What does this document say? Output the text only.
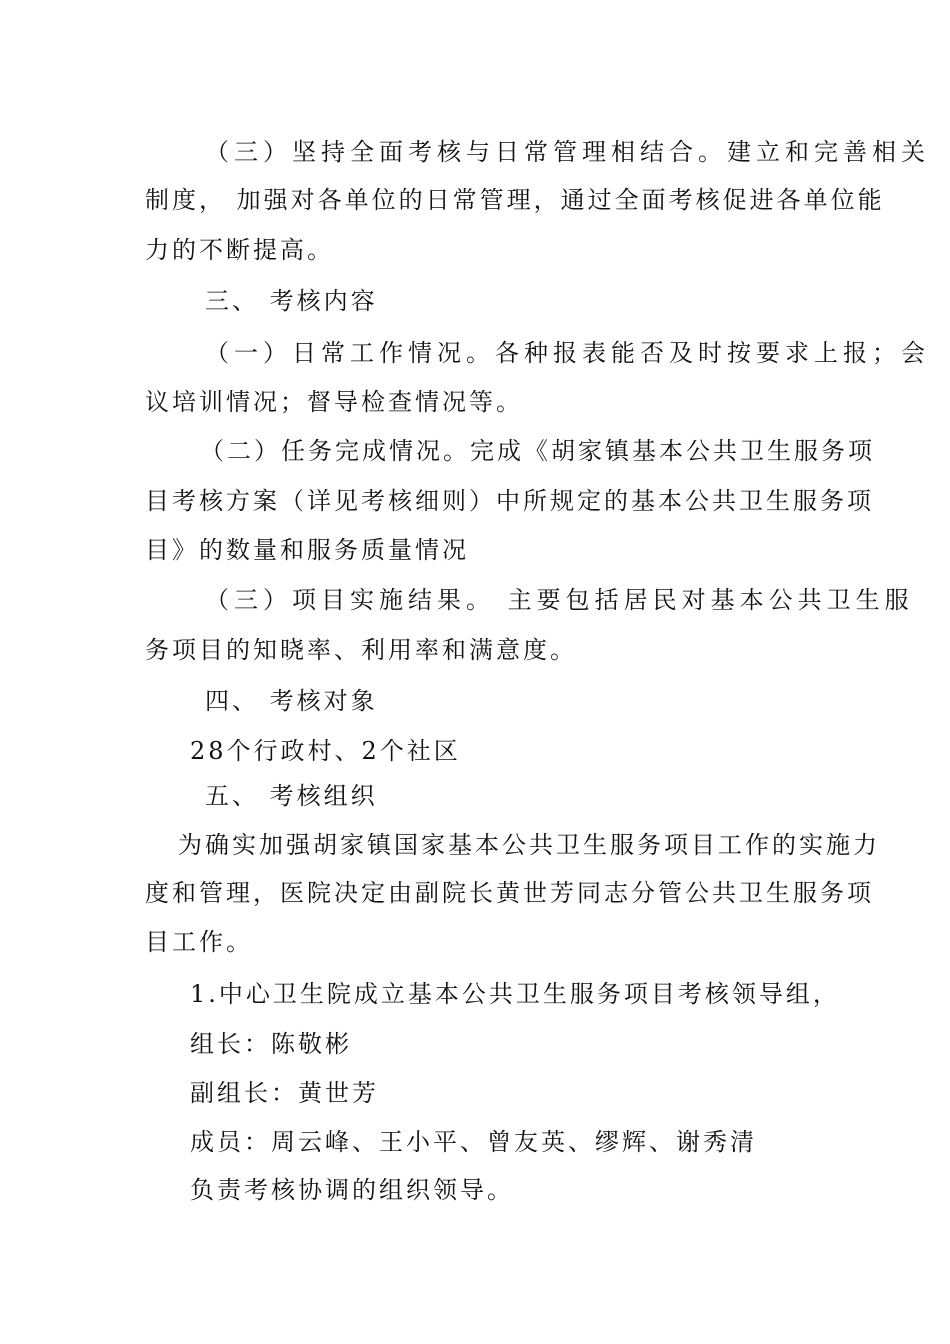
（三）坚持全面考核与日常管理相结合。建立和完善相关
制度， 加强对各单位的日常管理，通过全面考核促进各单位能
力的不断提高。
三、 考核内容
（一）日常工作情况。各种报表能否及时按要求上报；会
议培训情况；督导检查情况等。
（二）任务完成情况。完成《胡家镇基本公共卫生服务项
目考核方案（详见考核细则）中所规定的基本公共卫生服务项
目》的数量和服务质量情况
（三）项目实施结果。 主要包括居民对基本公共卫生服
务项目的知晓率、利用率和满意度。
四、 考核对象
28个行政村、2个社区
五、 考核组织
为确实加强胡家镇国家基本公共卫生服务项目工作的实施力
度和管理，医院决定由副院长黄世芳同志分管公共卫生服务项
目工作。
1.中心卫生院成立基本公共卫生服务项目考核领导组，
组长：陈敬彬
副组长：黄世芳
成员：周云峰、王小平、曾友英、缪辉、谢秀清
负责考核协调的组织领导。
